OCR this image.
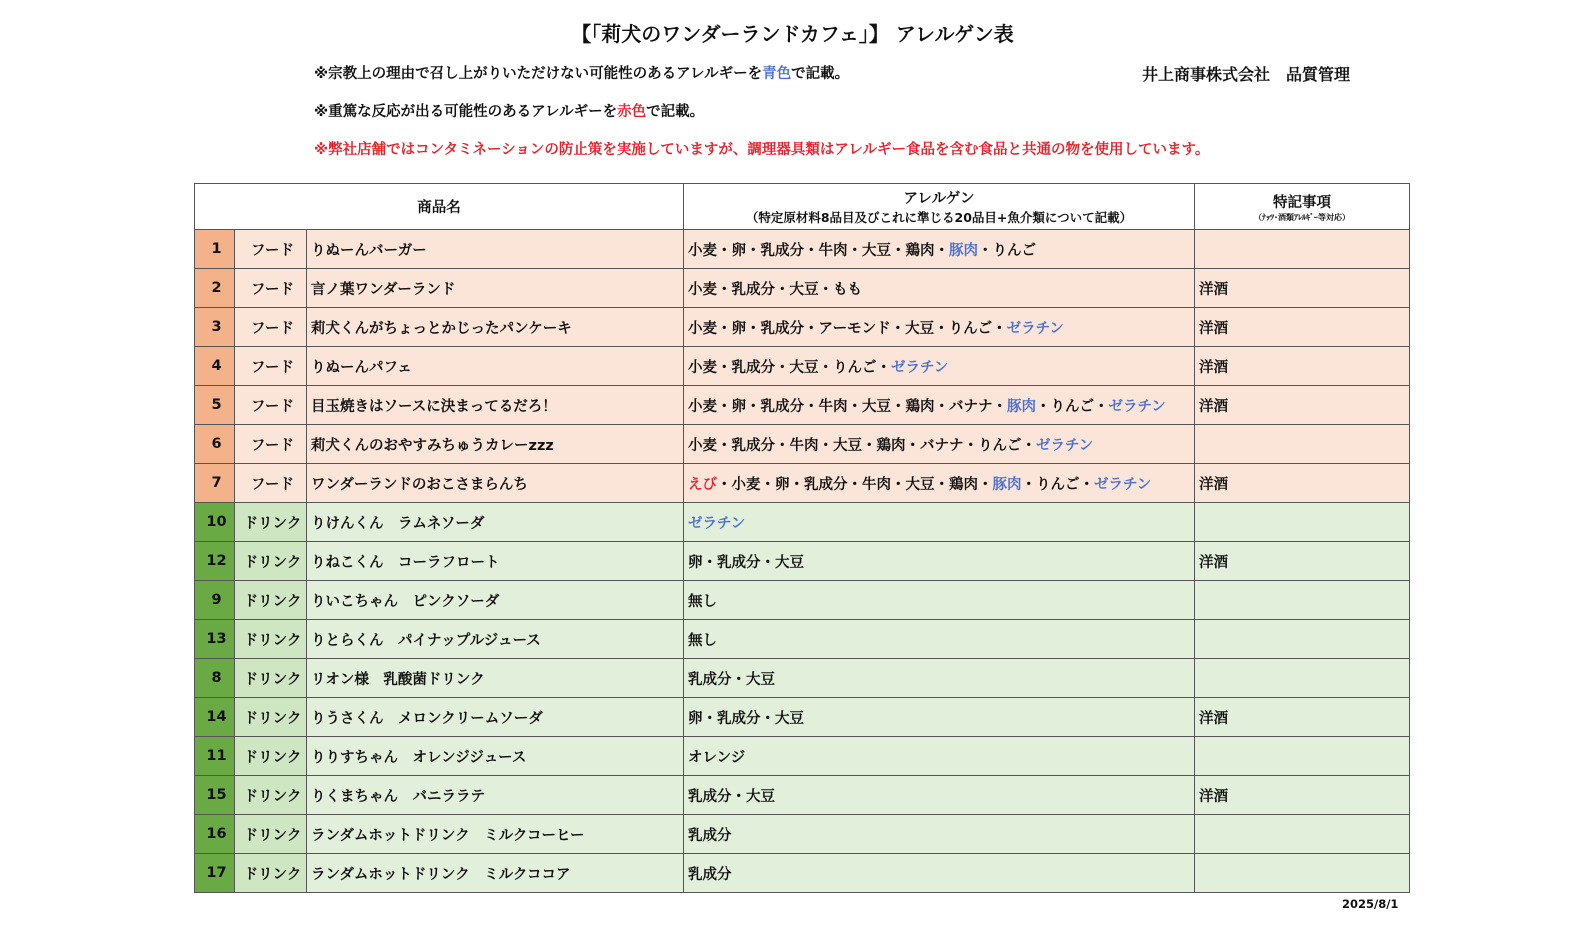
【「莉犬のワンダーランドカフェ」】 アレルゲン表
※宗教上の理由で召し上がりいただけない可能性のあるアレルギーを青色で記載。	井上商事株式会社　品質管理
※重篤な反応が出る可能性のあるアレルギーを赤色で記載。
※弊社店舗ではコンタミネーションの防止策を実施していますが、調理器具類はアレルギー食品を含む食品と共通の物を使用しています。
商品名			アレルゲン
（特定原材料8品目及びこれに準じる20品目+魚介類について記載）	特記事項
（ﾅｯﾂ･酒類ｱﾚﾙｷﾞｰ等対応）

1	フード	りぬーんバーガー	小麦・卵・乳成分・牛肉・大豆・鶏肉・豚肉・りんご	
2	フード	言ノ葉ワンダーランド	小麦・乳成分・大豆・もも	洋酒
3	フード	莉犬くんがちょっとかじったパンケーキ	小麦・卵・乳成分・アーモンド・大豆・りんご・ゼラチン	洋酒
4	フード	りぬーんパフェ	小麦・乳成分・大豆・りんご・ゼラチン	洋酒
5	フード	目玉焼きはソースに決まってるだろ！	小麦・卵・乳成分・牛肉・大豆・鶏肉・バナナ・豚肉・りんご・ゼラチン	洋酒
6	フード	莉犬くんのおやすみちゅうカレーzzz	小麦・乳成分・牛肉・大豆・鶏肉・バナナ・りんご・ゼラチン	
7	フード	ワンダーランドのおこさまらんち	えび・小麦・卵・乳成分・牛肉・大豆・鶏肉・豚肉・りんご・ゼラチン	洋酒
10	ドリンク	りけんくん　ラムネソーダ	ゼラチン	
12	ドリンク	りねこくん　コーラフロート	卵・乳成分・大豆	洋酒
9	ドリンク	りいこちゃん　ピンクソーダ	無し	
13	ドリンク	りとらくん　パイナップルジュース	無し	
8	ドリンク	リオン様　乳酸菌ドリンク	乳成分・大豆	
14	ドリンク	りうさくん　メロンクリームソーダ	卵・乳成分・大豆	洋酒
11	ドリンク	りりすちゃん　オレンジジュース	オレンジ	
15	ドリンク	りくまちゃん　バニララテ	乳成分・大豆	洋酒
16	ドリンク	ランダムホットドリンク　ミルクコーヒー	乳成分	
17	ドリンク	ランダムホットドリンク　ミルクココア	乳成分	
2025/8/1
